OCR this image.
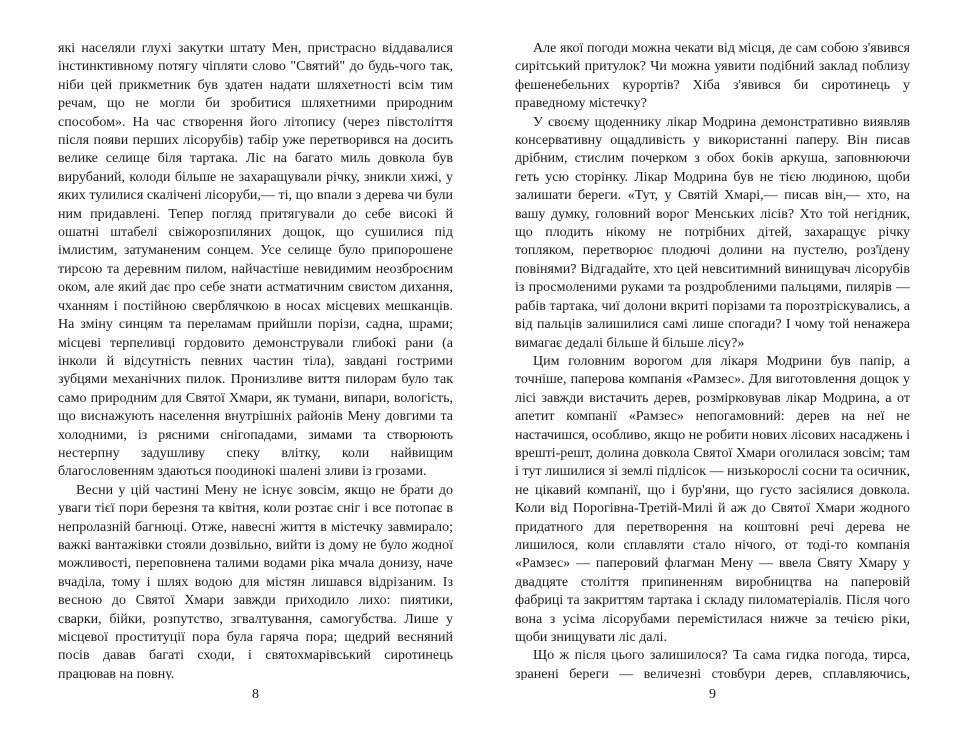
які населяли глухі закутки штату Мен, пристрасно віддавалися інстинктивному потягу чіпляти слово "Святий" до будь-чого так, ніби цей прикметник був здатен надати шляхетності всім тим речам, що не могли би зробитися шляхетними природним способом». На час створення його літопису (через півстоліття після появи перших лісорубів) табір уже перетворився на досить велике селище біля тартака. Ліс на багато миль довкола був вирубаний, колоди більше не захаращували річку, зникли хижі, у яких тулилися скалічені лісоруби,— ті, що впали з дерева чи були ним придавлені. Тепер погляд притягували до себе високі й ошатні штабелі свіжорозпиляних дощок, що сушилися під імлистим, затуманеним сонцем. Усе селище було припорошене тирсою та деревним пилом, найчастіше невидимим неозброєним оком, але який дає про себе знати астматичним свистом дихання, чханням і постійною сверблячкою в носах місцевих мешканців. На зміну синцям та переламам прийшли порізи, садна, шрами; місцеві терпеливці гордовито демонстрували глибокі рани (а інколи й відсутність певних частин тіла), завдані гострими зубцями механічних пилок. Пронизливе виття пилорам було так само природним для Святої Хмари, як тумани, випари, вологість, що виснажують населення внутрішніх районів Мену довгими та холодними, із рясними снігопадами, зимами та створюють нестерпну задушливу спеку влітку, коли найвищим благословенням здаються поодинокі шалені зливи із грозами.

Весни у цій частині Мену не існує зовсім, якщо не брати до уваги тієї пори березня та квітня, коли розтає сніг і все потопає в непролазній багнюці. Отже, навесні життя в містечку завмирало; важкі вантажівки стояли дозвільно, вийти із дому не було жодної можливості, переповнена талими водами ріка мчала донизу, наче вчаділа, тому і шлях водою для містян лишався відрізаним. Із весною до Святої Хмари завжди приходило лихо: пиятики, сварки, бійки, розпутство, згвалтування, самогубства. Лише у місцевої проституції пора була гаряча пора; щедрий весняний посів давав багаті сходи, і святохмарівський сиротинець працював на повну.

8

Але якої погоди можна чекати від місця, де сам собою з'явився сирітський притулок? Чи можна уявити подібний заклад поблизу фешенебельних курортів? Хіба з'явився би сиротинець у праведному містечку?

У своєму щоденнику лікар Модрина демонстративно виявляв консервативну ощадливість у використанні паперу. Він писав дрібним, стислим почерком з обох боків аркуша, заповнюючи геть усю сторінку. Лікар Модрина був не тією людиною, щоби залишати береги. «Тут, у Святій Хмарі,— писав він,— хто, на вашу думку, головний ворог Менських лісів? Хто той негідник, що плодить нікому не потрібних дітей, захаращує річку топляком, перетворює плодючі долини на пустелю, роз'їдену повінями? Відгадайте, хто цей невситимний винищувач лісорубів із просмоленими руками та роздробленими пальцями, пилярів — рабів тартака, чиї долони вкриті порізами та порозтріскувались, а від пальців залишилися самі лише спогади? І чому той ненажера вимагає дедалі більше й більше лісу?»

Цим головним ворогом для лікаря Модрини був папір, а точніше, паперова компанія «Рамзес». Для виготовлення дощок у лісі завжди вистачить дерев, розмірковував лікар Модрина, а от апетит компанії «Рамзес» непогамовний: дерев на неї не настачишся, особливо, якщо не робити нових лісових насаджень і врешті-решт, долина довкола Святої Хмари оголилася зовсім; там і тут лишилися зі землі підлісок — низькорослі сосни та осичник, не цікавий компанії, що і бур'яни, що густо засіялися довкола. Коли від Порогівна-Третій-Милі й аж до Святої Хмари жодного придатного для перетворення на коштовні речі дерева не лишилося, коли сплавляти стало нічого, от тоді-то компанія «Рамзес» — паперовий флагман Мену — ввела Святу Хмару у двадцяте століття припиненням виробництва на паперовій фабриці та закриттям тартака і складу пиломатеріалів. Після чого вона з усіма лісорубами перемістилася нижче за течією ріки, щоби знищувати ліс далі.

Що ж після цього залишилося? Та сама гидка погода, тирса, зранені береги — величезні стовбури дерев, сплавляючись,

9
